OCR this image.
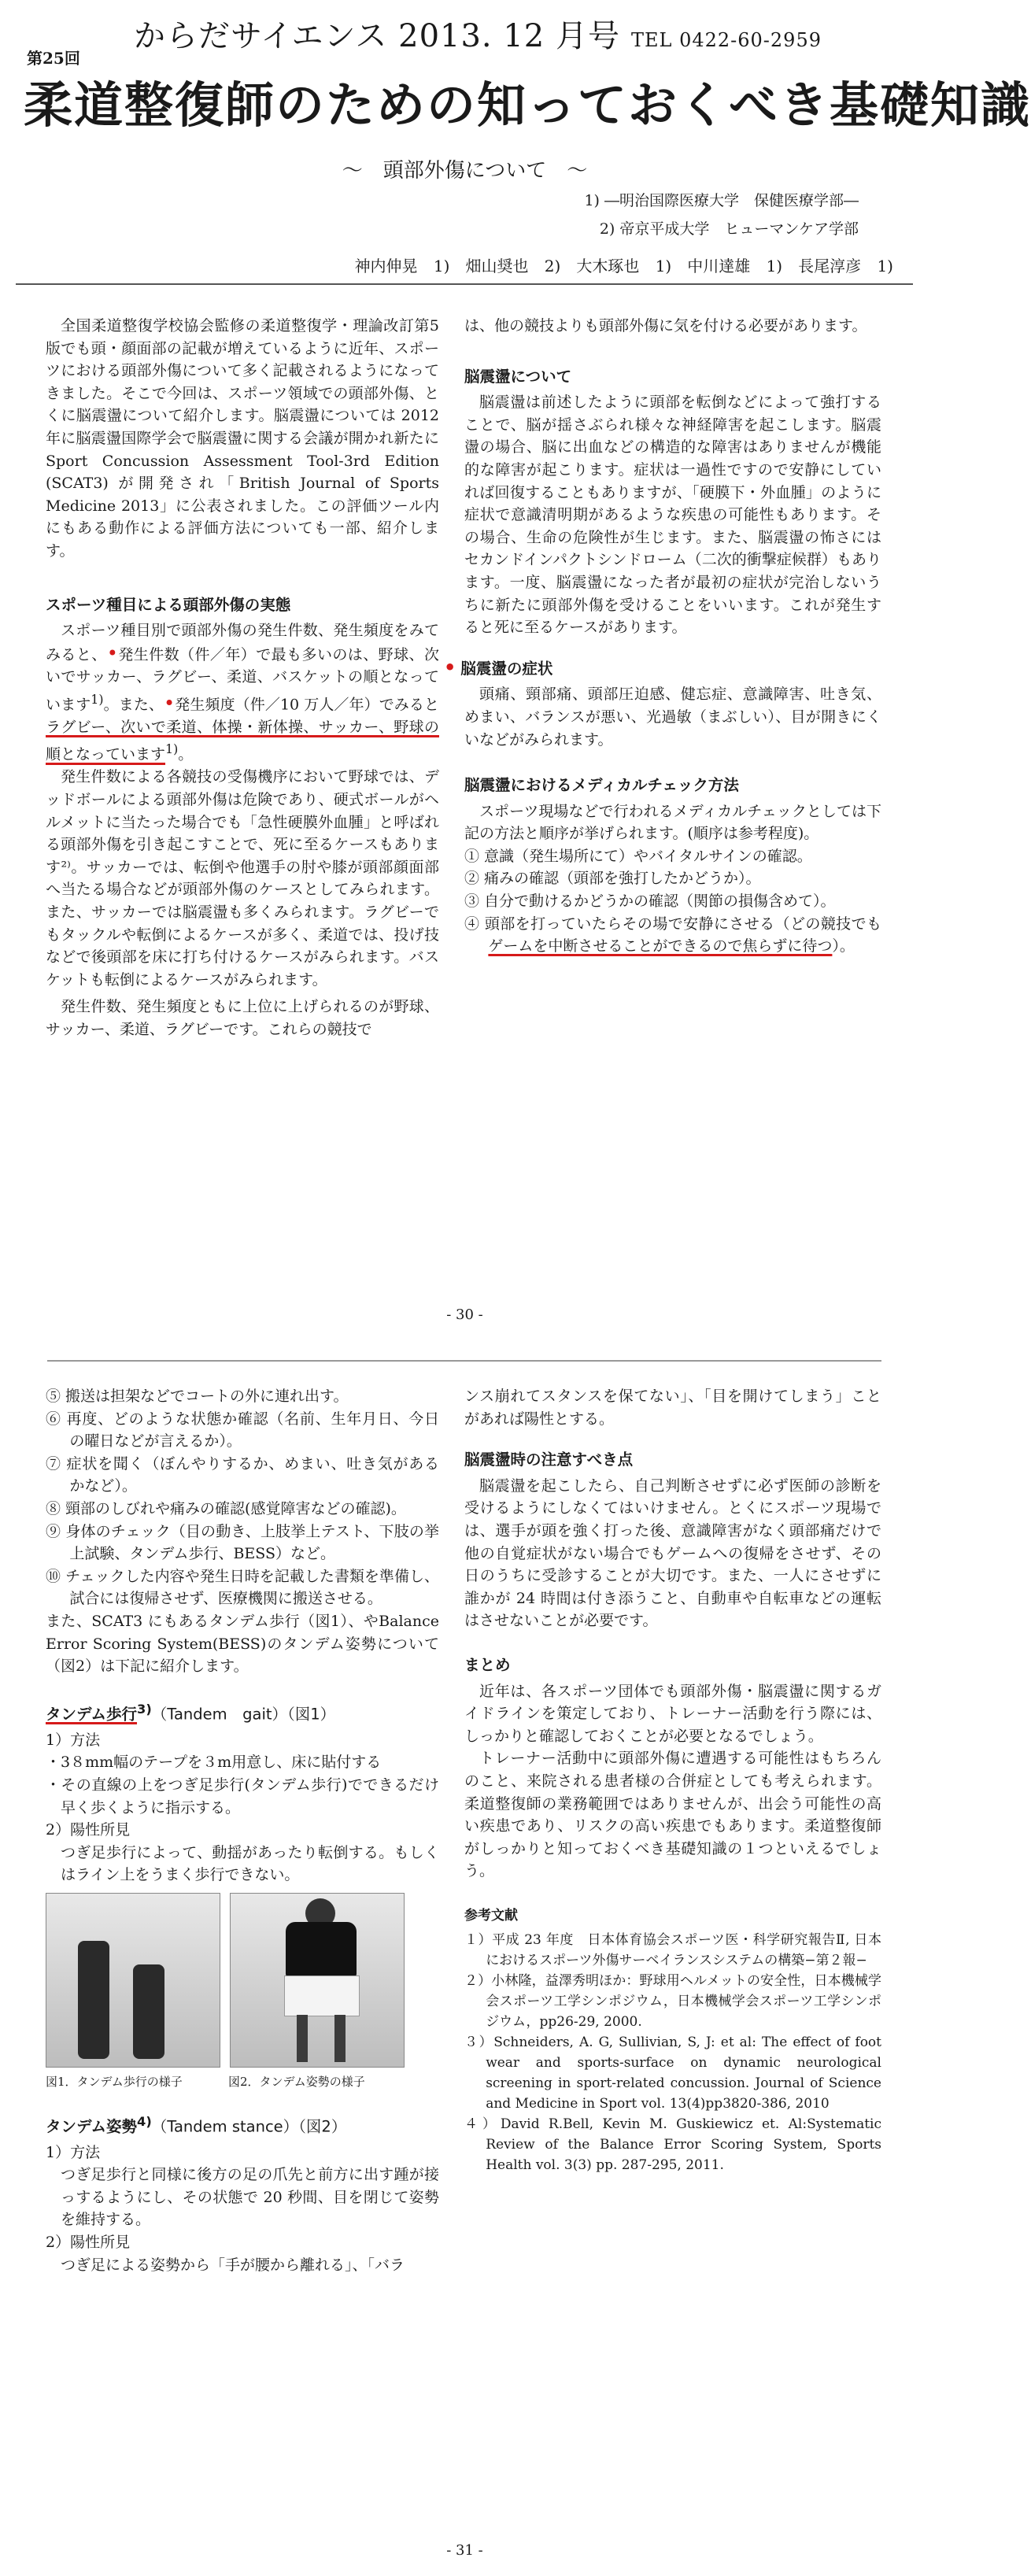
からだサイエンス 2013. 12 月号 TEL 0422-60-2959
第25回
柔道整復師のための知っておくべき基礎知識
〜　頭部外傷について　〜
1) ―明治国際医療大学　保健医療学部―
2) 帝京平成大学　ヒューマンケア学部
神内伸晃 1)　畑山奨也 2)　大木琢也 1)　中川達雄 1)　長尾淳彦 1)

全国柔道整復学校協会監修の柔道整復学・理論改訂第5版でも頭・顔面部の記載が増えているように近年、スポーツにおける頭部外傷について多く記載されるようになってきました。そこで今回は、スポーツ領域での頭部外傷、とくに脳震盪について紹介します。脳震盪については 2012 年に脳震盪国際学会で脳震盪に関する会議が開かれ新たに Sport Concussion Assessment Tool-3rd Edition (SCAT3) が開発され「British Journal of Sports Medicine 2013」に公表されました。この評価ツール内にもある動作による評価方法についても一部、紹介します。

スポーツ種目による頭部外傷の実態

スポーツ種目別で頭部外傷の発生件数、発生頻度をみてみると、•発生件数（件／年）で最も多いのは、野球、次いでサッカー、ラグビー、柔道、バスケットの順となっています$^{1)}$。また、•発生頻度（件／10 万人／年）でみるとラグビー、次いで柔道、体操・新体操、サッカー、野球の順となっています$^{1)}$。

発生件数による各競技の受傷機序において野球では、デッドボールによる頭部外傷は危険であり、硬式ボールがヘルメットに当たった場合でも「急性硬膜外血腫」と呼ばれる頭部外傷を引き起こすことで、死に至るケースもあります²⁾。サッカーでは、転倒や他選手の肘や膝が頭部顔面部へ当たる場合などが頭部外傷のケースとしてみられます。また、サッカーでは脳震盪も多くみられます。ラグビーでもタックルや転倒によるケースが多く、柔道では、投げ技などで後頭部を床に打ち付けるケースがみられます。バスケットも転倒によるケースがみられます。

発生件数、発生頻度ともに上位に上げられるのが野球、サッカー、柔道、ラグビーです。これらの競技で

は、他の競技よりも頭部外傷に気を付ける必要があります。

脳震盪について

脳震盪は前述したように頭部を転倒などによって強打することで、脳が揺さぶられ様々な神経障害を起こします。脳震盪の場合、脳に出血などの構造的な障害はありませんが機能的な障害が起こります。症状は一過性ですので安静にしていれば回復することもありますが、「硬膜下・外血腫」のように症状で意識清明期があるような疾患の可能性もあります。その場合、生命の危険性が生じます。また、脳震盪の怖さにはセカンドインパクトシンドローム（二次的衝撃症候群）もあります。一度、脳震盪になった者が最初の症状が完治しないうちに新たに頭部外傷を受けることをいいます。これが発生すると死に至るケースがあります。

• 脳震盪の症状

頭痛、頸部痛、頭部圧迫感、健忘症、意識障害、吐き気、めまい、バランスが悪い、光過敏（まぶしい）、目が開きにくいなどがみられます。

脳震盪におけるメディカルチェック方法

スポーツ現場などで行われるメディカルチェックとしては下記の方法と順序が挙げられます。(順序は参考程度)。

① 意識（発生場所にて）やバイタルサインの確認。
② 痛みの確認（頭部を強打したかどうか）。
③ 自分で動けるかどうかの確認（関節の損傷含めて）。
④ 頭部を打っていたらその場で安静にさせる（どの競技でもゲームを中断させることができるので焦らずに待つ）。
- 30 -
⑤ 搬送は担架などでコートの外に連れ出す。
⑥ 再度、どのような状態か確認（名前、生年月日、今日の曜日などが言えるか）。
⑦ 症状を聞く（ぼんやりするか、めまい、吐き気があるかなど）。
⑧ 頸部のしびれや痛みの確認(感覚障害などの確認)。
⑨ 身体のチェック（目の動き、上肢挙上テスト、下肢の挙上試験、タンデム歩行、BESS）など。
⑩ チェックした内容や発生日時を記載した書類を準備し、試合には復帰させず、医療機関に搬送させる。

また、SCAT3 にもあるタンデム歩行（図1）、やBalance Error Scoring System(BESS)のタンデム姿勢について（図2）は下記に紹介します。

タンデム歩行$^{3)}$（Tandem　gait）（図1）
1）方法
・3８mm幅のテープを３m用意し、床に貼付する
・その直線の上をつぎ足歩行(タンデム歩行)でできるだけ早く歩くように指示する。
2）陽性所見
つぎ足歩行によって、動揺があったり転倒する。もしくはライン上をうまく歩行できない。
図1．タンデム歩行の様子	図2．タンデム姿勢の様子
タンデム姿勢$^{4)}$（Tandem stance）（図2）
1）方法
つぎ足歩行と同様に後方の足の爪先と前方に出す踵が接っするようにし、その状態で 20 秒間、目を閉じて姿勢を維持する。
2）陽性所見
つぎ足による姿勢から「手が腰から離れる」、「バラ

ンス崩れてスタンスを保てない」、「目を開けてしまう」ことがあれば陽性とする。

脳震盪時の注意すべき点

脳震盪を起こしたら、自己判断させずに必ず医師の診断を受けるようにしなくてはいけません。とくにスポーツ現場では、選手が頭を強く打った後、意識障害がなく頭部痛だけで他の自覚症状がない場合でもゲームへの復帰をさせず、その日のうちに受診することが大切です。また、一人にさせずに誰かが 24 時間は付き添うこと、自動車や自転車などの運転はさせないことが必要です。

まとめ

近年は、各スポーツ団体でも頭部外傷・脳震盪に関するガイドラインを策定しており、トレーナー活動を行う際には、しっかりと確認しておくことが必要となるでしょう。

トレーナー活動中に頭部外傷に遭遇する可能性はもちろんのこと、来院される患者様の合併症としても考えられます。柔道整復師の業務範囲ではありませんが、出会う可能性の高い疾患であり、リスクの高い疾患でもあります。柔道整復師がしっかりと知っておくべき基礎知識の１つといえるでしょう。

参考文献
１）平成 23 年度　日本体育協会スポーツ医・科学研究報告Ⅱ, 日本におけるスポーツ外傷サーベイランスシステムの構築−第２報−
２）小林隆，益澤秀明ほか：野球用ヘルメットの安全性，日本機械学会スポーツ工学シンポジウム，日本機械学会スポーツ工学シンポジウム，pp26-29, 2000.
３）Schneiders, A. G, Sullivian, S, J: et al: The effect of foot wear and sports-surface on dynamic neurological screening in sport-related concussion. Journal of Science and Medicine in Sport vol. 13(4)pp3820-386, 2010
４）David R.Bell, Kevin M. Guskiewicz et. Al:Systematic Review of the Balance Error Scoring System, Sports Health vol. 3(3) pp. 287-295, 2011.
- 31 -
